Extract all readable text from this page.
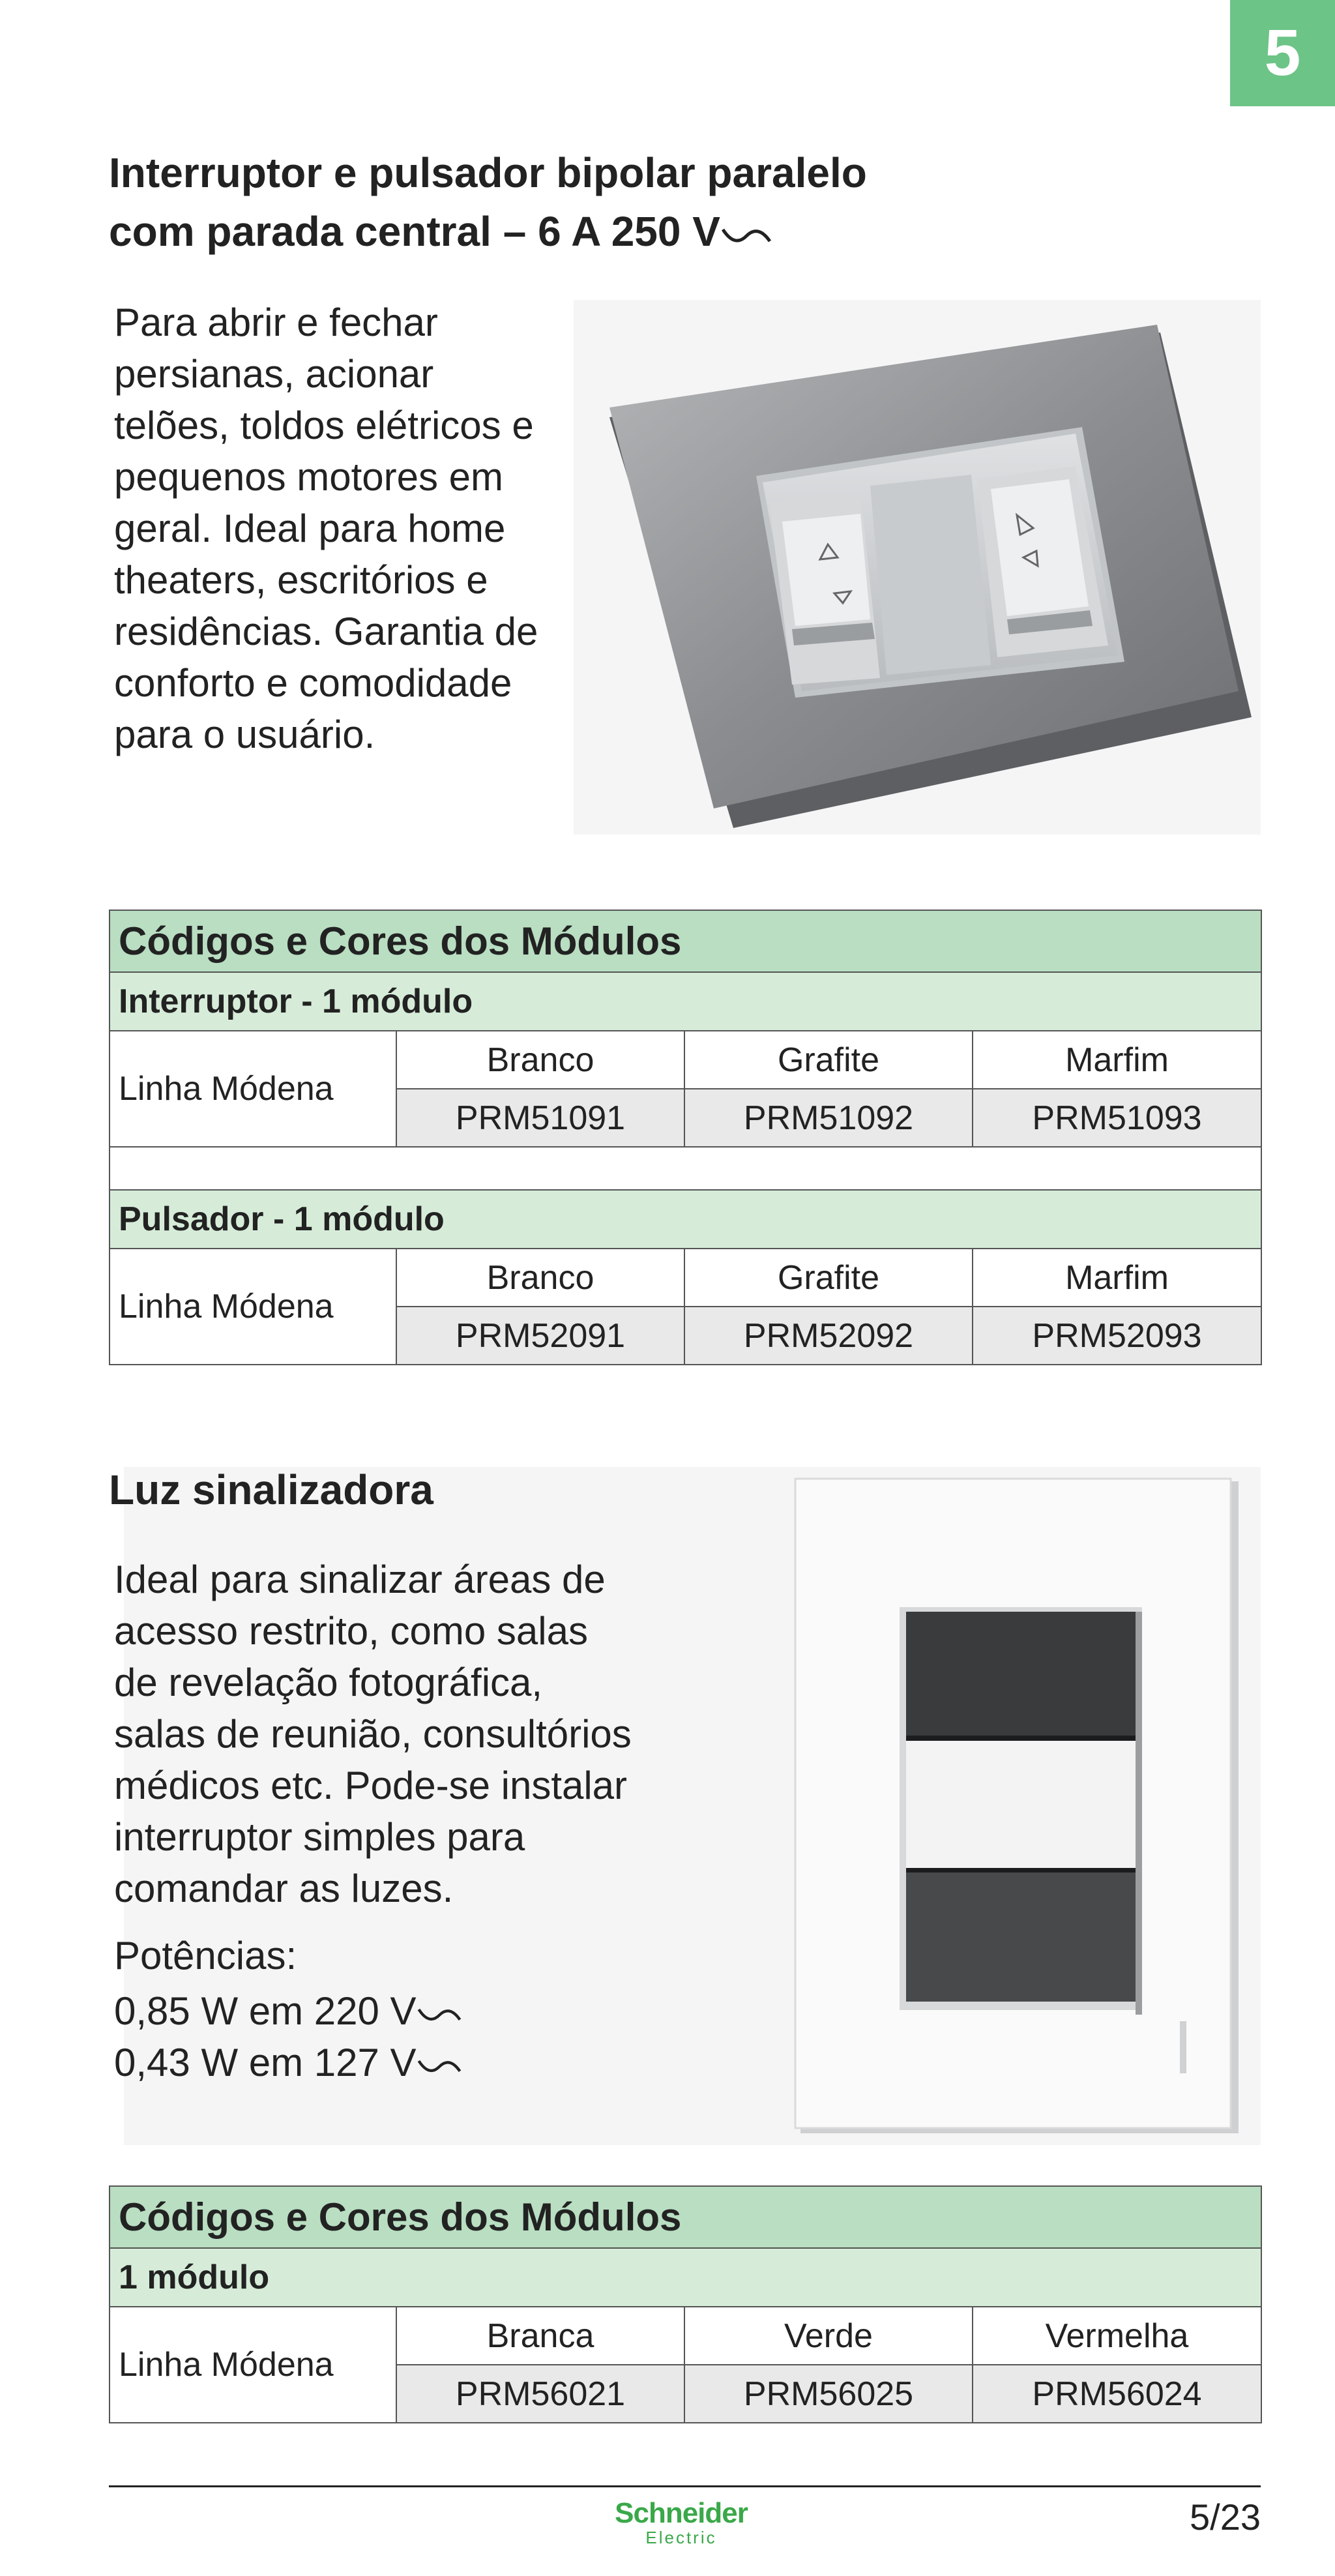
5
Interruptor e pulsador bipolar paralelo
com parada central – 6 A 250 V

Para abrir e fechar
persianas, acionar
telões, toldos elétricos e
pequenos motores em
geral. Ideal para home
theaters, escritórios e
residências. Garantia de
conforto e comodidade
para o usuário.

Códigos e Cores dos Módulos			
Interruptor - 1 módulo			
Linha Módena	Branco	Grafite	Marfim
	PRM51091	PRM51092	PRM51093

Pulsador - 1 módulo			
Linha Módena	Branco	Grafite	Marfim
	PRM52091	PRM52092	PRM52093
Luz sinalizadora

Ideal para sinalizar áreas de
acesso restrito, como salas
de revelação fotográfica,
salas de reunião, consultórios
médicos etc. Pode-se instalar
interruptor simples para
comandar as luzes.

Potências:

0,85 W em 220 V
0,43 W em 127 V

Códigos e Cores dos Módulos			
1 módulo			
Linha Módena	Branca	Verde	Vermelha
	PRM56021	PRM56025	PRM56024
Schneider
Electric	5/23
